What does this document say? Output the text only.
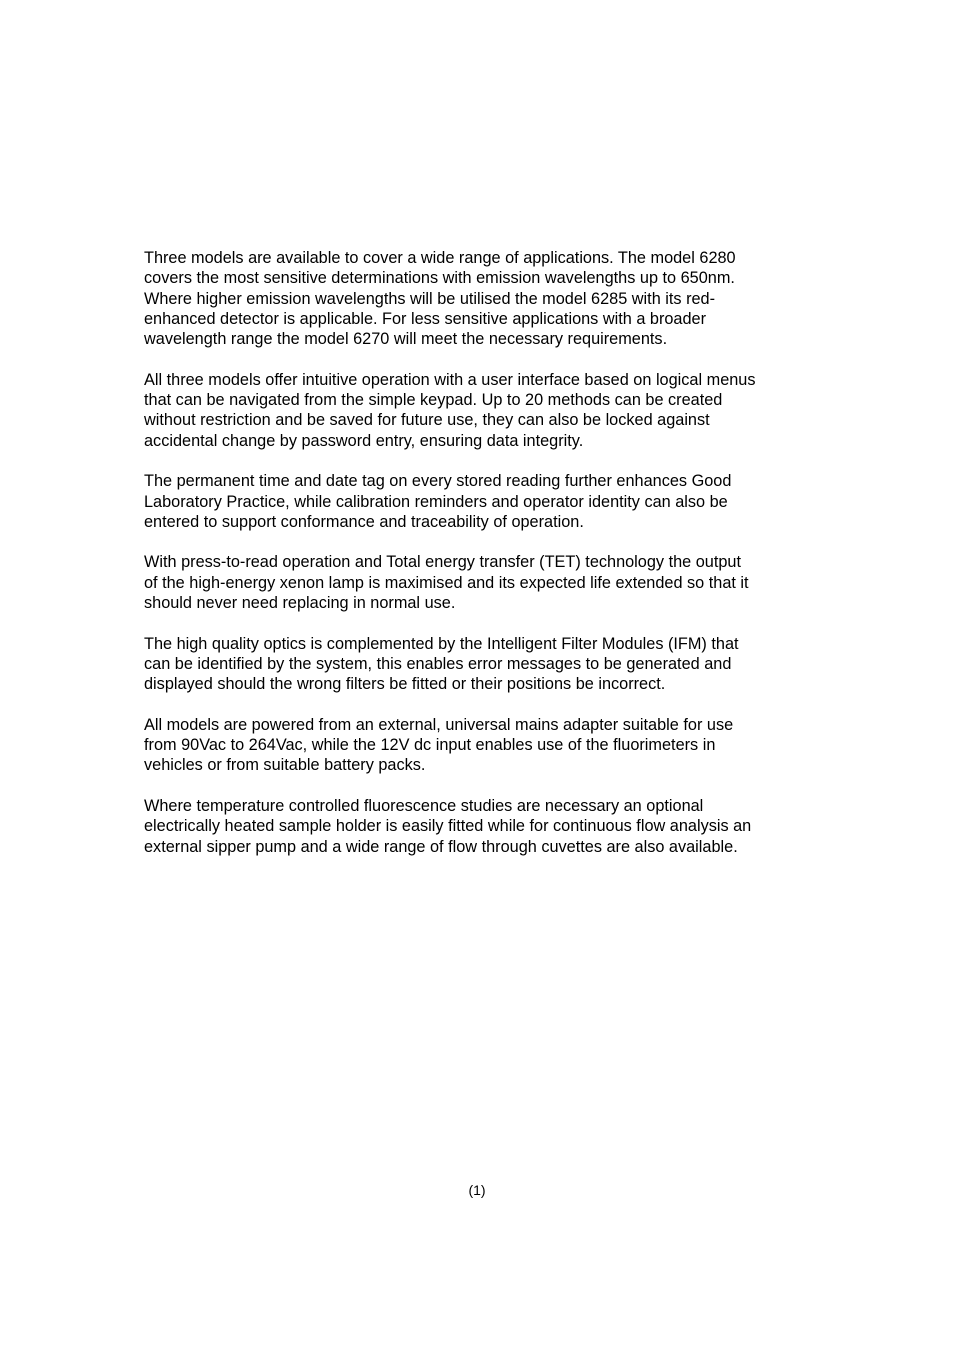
Three models are available to cover a wide range of applications. The model 6280
covers the most sensitive determinations with emission wavelengths up to 650nm.
Where higher emission wavelengths will be utilised the model 6285 with its red-
enhanced detector is applicable. For less sensitive applications with a broader
wavelength range the model 6270 will meet the necessary requirements.

All three models offer intuitive operation with a user interface based on logical menus
that can be navigated from the simple keypad. Up to 20 methods can be created
without restriction and be saved for future use, they can also be locked against
accidental change by password entry, ensuring data integrity.

The permanent time and date tag on every stored reading further enhances Good
Laboratory Practice, while calibration reminders and operator identity can also be
entered to support conformance and traceability of operation.

With press-to-read operation and Total energy transfer (TET) technology the output
of the high-energy xenon lamp is maximised and its expected life extended so that it
should never need replacing in normal use.

The high quality optics is complemented by the Intelligent Filter Modules (IFM) that
can be identified by the system, this enables error messages to be generated and
displayed should the wrong filters be fitted or their positions be incorrect.

All models are powered from an external, universal mains adapter suitable for use
from 90Vac to 264Vac, while the 12V dc input enables use of the fluorimeters in
vehicles or from suitable battery packs.

Where temperature controlled fluorescence studies are necessary an optional
electrically heated sample holder is easily fitted while for continuous flow analysis an
external sipper pump and a wide range of flow through cuvettes are also available.

(1)
